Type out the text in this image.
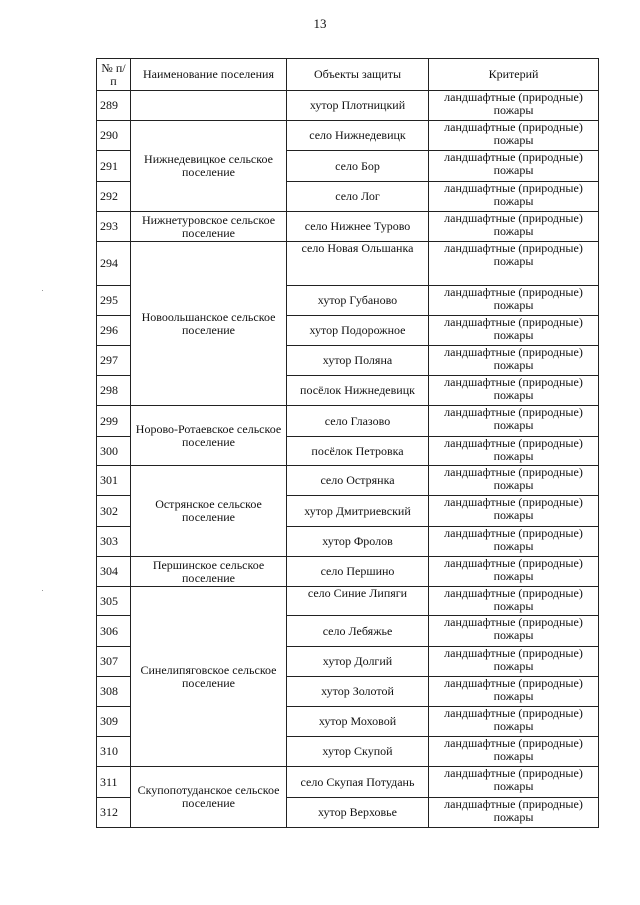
13
№ п/п	Наименование поселения	Объекты защиты	Критерий
289		хутор Плотницкий	ландшафтные (природные) пожары
290	Нижнедевицкое сельское поселение	село Нижнедевицк	ландшафтные (природные) пожары
291		село Бор	ландшафтные (природные) пожары
292		село Лог	ландшафтные (природные) пожары
293	Нижнетуровское сельское поселение	село Нижнее Турово	ландшафтные (природные) пожары
294	Новоольшанское сельское поселение	село Новая Ольшанка	ландшафтные (природные) пожары
295		хутор Губаново	ландшафтные (природные) пожары
296		хутор Подорожное	ландшафтные (природные) пожары
297		хутор Поляна	ландшафтные (природные) пожары
298		посёлок Нижнедевицк	ландшафтные (природные) пожары
299	Норово-Ротаевское сельское поселение	село Глазово	ландшафтные (природные) пожары
300		посёлок Петровка	ландшафтные (природные) пожары
301	Острянское сельское поселение	село Острянка	ландшафтные (природные) пожары
302		хутор Дмитриевский	ландшафтные (природные) пожары
303		хутор Фролов	ландшафтные (природные) пожары
304	Першинское сельское поселение	село Першино	ландшафтные (природные) пожары
305	Синелипяговское сельское поселение	село Синие Липяги	ландшафтные (природные) пожары
306		село Лебяжье	ландшафтные (природные) пожары
307		хутор Долгий	ландшафтные (природные) пожары
308		хутор Золотой	ландшафтные (природные) пожары
309		хутор Моховой	ландшафтные (природные) пожары
310		хутор Скупой	ландшафтные (природные) пожары
311	Скупопотуданское сельское поселение	село Скупая Потудань	ландшафтные (природные) пожары
312		хутор Верховье	ландшафтные (природные) пожары
